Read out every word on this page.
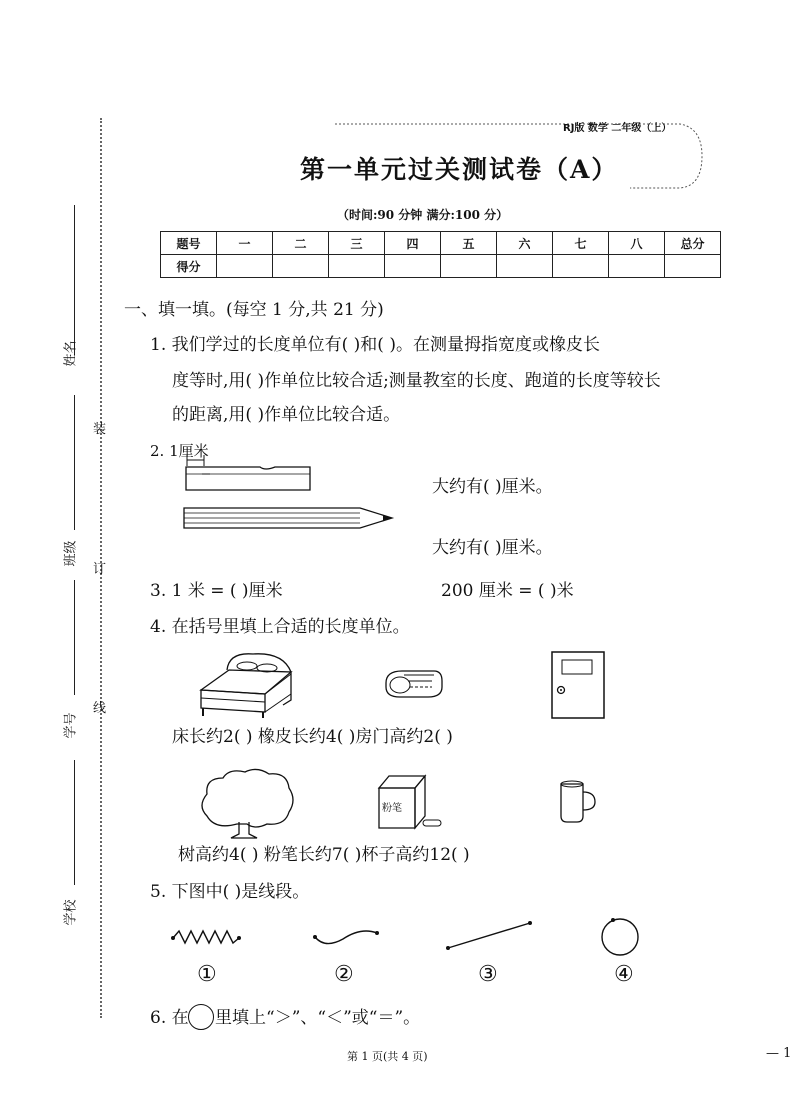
姓名
班级
学号
学校
装
订
线
RJ版 数学 二年级（上）
第一单元过关测试卷（A）
（时间:90 分钟 满分:100 分）
题号	一	二	三	四	五	六	七	八	总分
得分									
一、填一填。(每空 1 分,共 21 分)
1. 我们学过的长度单位有( )和( )。在测量拇指宽度或橡皮长
度等时,用( )作单位比较合适;测量教室的长度、跑道的长度等较长
的距离,用( )作单位比较合适。
2. 1厘米
大约有( )厘米。
大约有( )厘米。
3. 1 米 = ( )厘米	200 厘米 = ( )米
4. 在括号里填上合适的长度单位。
床长约2( ) 橡皮长约4( )房门高约2( )
粉笔
树高约4( ) 粉笔长约7( )杯子高约12( )
5. 下图中( )是线段。
①	②	③	④
6. 在 里填上“＞”、“＜”或“＝”。
第 1 页(共 4 页)	— 1
